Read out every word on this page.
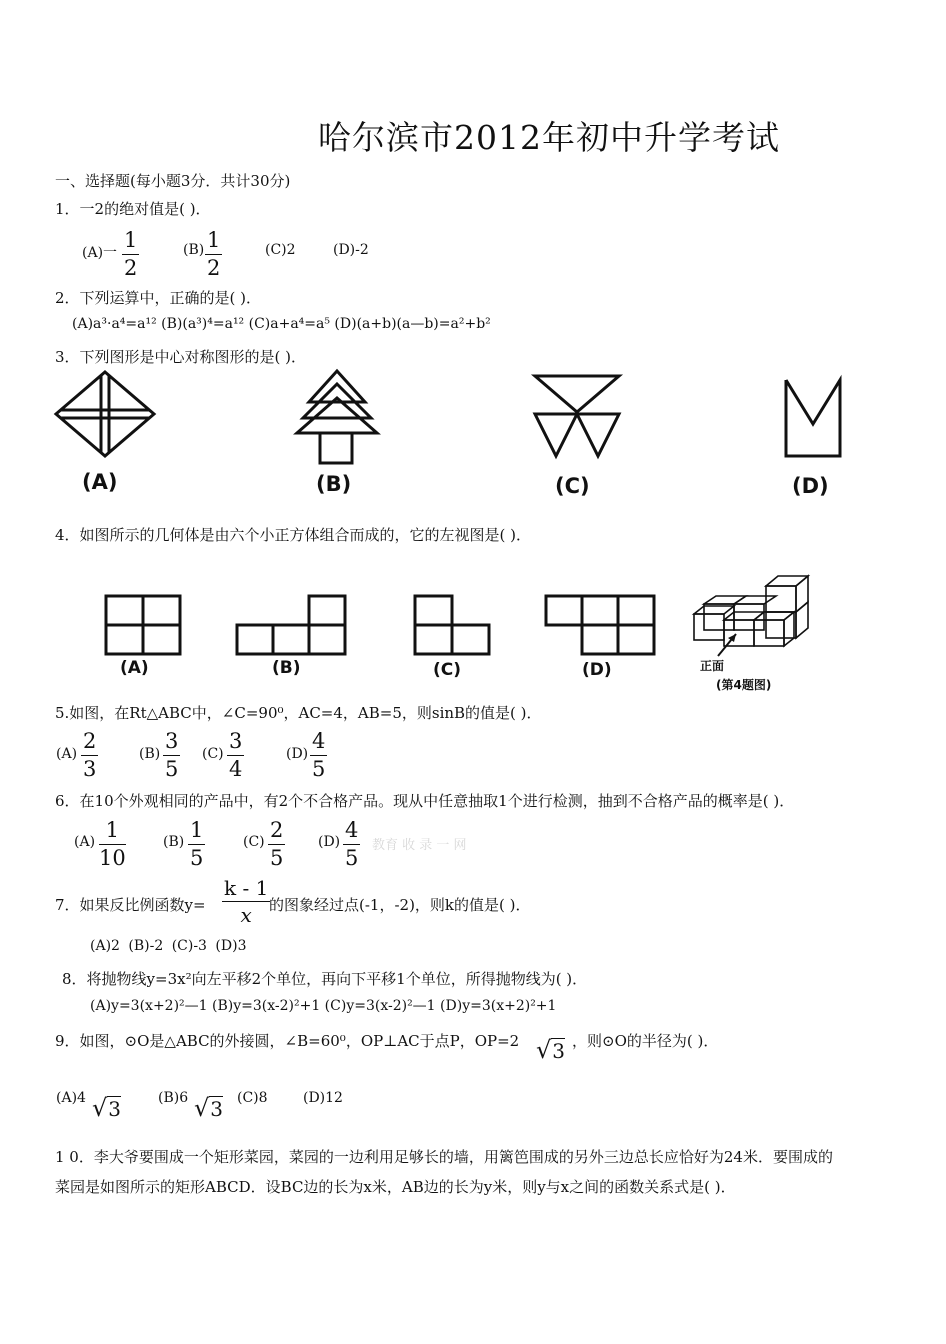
哈尔滨市2012年初中升学考试
一、选择题(每小题3分．共计30分)
1．一2的绝对值是( )．
(A)一
1
2
(B) 1
2
(C)2	(D)-2
2．下列运算中，正确的是( )．
(A)a³·a⁴=a¹² (B)(a³)⁴=a¹² (C)a+a⁴=a⁵ (D)(a+b)(a—b)=a²+b²
3．下列图形是中心对称图形的是( )．
(A)	(B)	(C)	(D)
4．如图所示的几何体是由六个小正方体组合而成的，它的左视图是( )．
(A)	(B)	(C)	(D)	正面
(第4题图)
5.如图，在Rt△ABC中，∠C=90⁰，AC=4，AB=5，则sinB的值是( )．
(A)
2
3
(B)
3
5
(C)
3
4
(D)
4
5
6．在10个外观相同的产品中，有2个不合格产品。现从中任意抽取1个进行检测，抽到不合格产品的概率是( )．
(A) 1
10
(B) 1
5
(C) 2
5
(D) 4
5
教育 收 录 一 网
7．如果反比例函数y=
k - 1
x	的图象经过点(-1，-2)，则k的值是( )．
(A)2 (B)-2 (C)-3 (D)3
8．将抛物线y=3x²向左平移2个单位，再向下平移1个单位，所得抛物线为( )．
(A)y=3(x+2)²—1 (B)y=3(x-2)²+1 (C)y=3(x-2)²—1 (D)y=3(x+2)²+1
9．如图，⊙O是△ABC的外接圆，∠B=60⁰，OP⊥AC于点P，OP=2 √3 ，则⊙O的半径为( )．
(A)4 √3	(B)6 √3 (C)8	(D)12
1 0．李大爷要围成一个矩形菜园，菜园的一边利用足够长的墙，用篱笆围成的另外三边总长应恰好为24米．要围成的
菜园是如图所示的矩形ABCD．设BC边的长为x米，AB边的长为y米，则y与x之间的函数关系式是( )．
